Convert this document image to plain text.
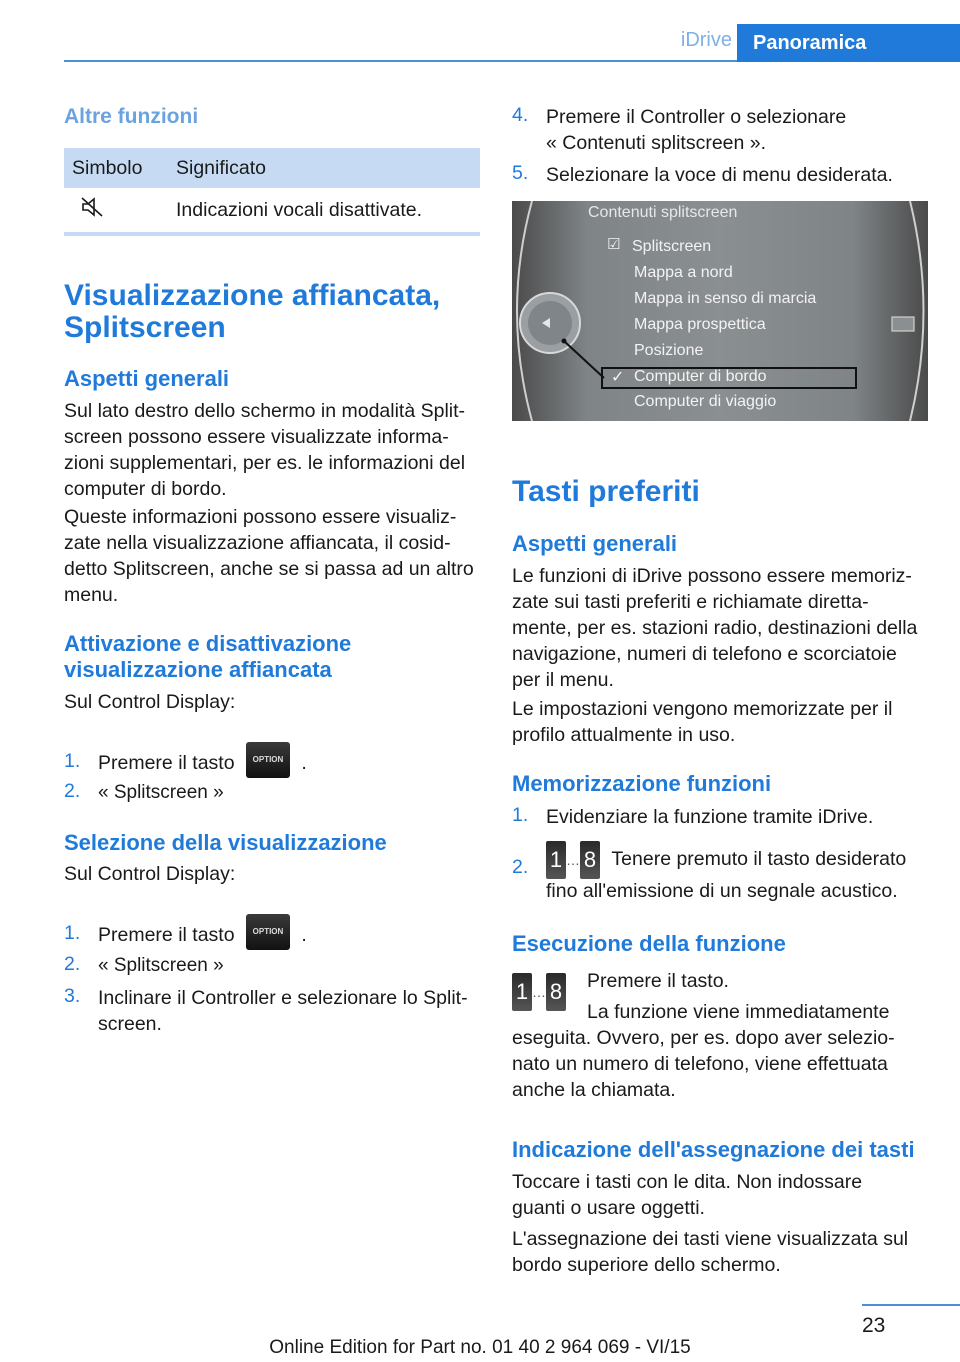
iDrive	Panoramica
Altre funzioni
Simbolo	Significato
	Indicazioni vocali disattivate.
Visualizzazione affiancata,
Splitscreen
Aspetti generali
Sul lato destro dello schermo in modalità Split‐
screen possono essere visualizzate informa‐
zioni supplementari, per es. le informazioni del
computer di bordo.
Queste informazioni possono essere visualiz‐
zate nella visualizzazione affiancata, il cosid‐
detto Splitscreen, anche se si passa ad un altro
menu.
Attivazione e disattivazione
visualizzazione affiancata
Sul Control Display:
1. Premere il tasto OPTION .
2. « Splitscreen »
Selezione della visualizzazione
Sul Control Display:
1. Premere il tasto OPTION .
2. « Splitscreen »
3. Inclinare il Controller e selezionare lo Split‐
screen.
4. Premere il Controller o selezionare
« Contenuti splitscreen ».
5. Selezionare la voce di menu desiderata.
Contenuti splitscreen
☑ Splitscreen
Mappa a nord
Mappa in senso di marcia
Mappa prospettica
Posizione
✓ Computer di bordo
Computer di viaggio
Tasti preferiti
Aspetti generali
Le funzioni di iDrive possono essere memoriz‐
zate sui tasti preferiti e richiamate diretta‐
mente, per es. stazioni radio, destinazioni della
navigazione, numeri di telefono e scorciatoie
per il menu.
Le impostazioni vengono memorizzate per il
profilo attualmente in uso.
Memorizzazione funzioni
1. Evidenziare la funzione tramite iDrive.
2. 1 … 8 Tenere premuto il tasto desiderato
fino all'emissione di un segnale acustico.
Esecuzione della funzione
1 … 8 Premere il tasto.
La funzione viene immediatamente
eseguita. Ovvero, per es. dopo aver selezio‐
nato un numero di telefono, viene effettuata
anche la chiamata.
Indicazione dell'assegnazione dei tasti
Toccare i tasti con le dita. Non indossare
guanti o usare oggetti.
L'assegnazione dei tasti viene visualizzata sul
bordo superiore dello schermo.
23
Online Edition for Part no. 01 40 2 964 069 - VI/15
